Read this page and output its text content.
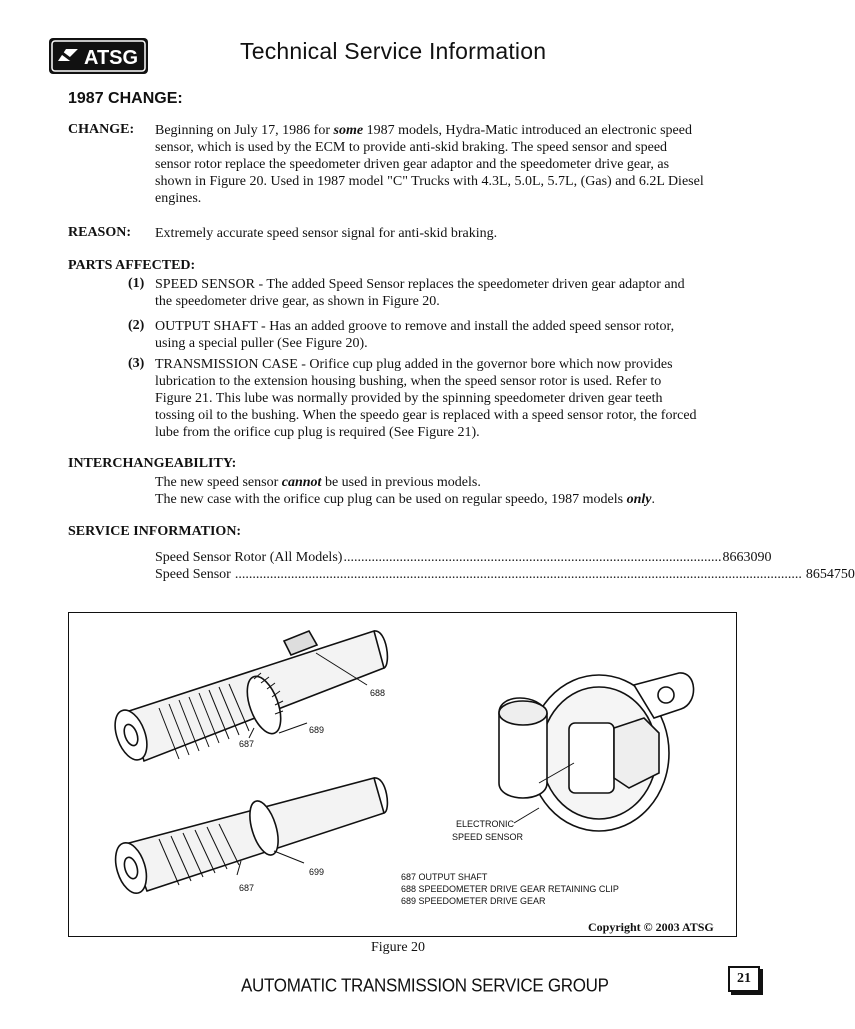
ATSG	Technical Service Information
1987 CHANGE:
CHANGE: Beginning on July 17, 1986 for some 1987 models, Hydra-Matic introduced an electronic speed
sensor, which is used by the ECM to provide anti-skid braking. The speed sensor and speed
sensor rotor replace the speedometer driven gear adaptor and the speedometer drive gear, as
shown in Figure 20. Used in 1987 model "C" Trucks with 4.3L, 5.0L, 5.7L, (Gas) and 6.2L Diesel
engines.
REASON: Extremely accurate speed sensor signal for anti-skid braking.
PARTS AFFECTED:
(1) SPEED SENSOR - The added Speed Sensor replaces the speedometer driven gear adaptor and
the speedometer drive gear, as shown in Figure 20.
(2) OUTPUT SHAFT - Has an added groove to remove and install the added speed sensor rotor,
using a special puller (See Figure 20).
(3) TRANSMISSION CASE - Orifice cup plug added in the governor bore which now provides
lubrication to the extension housing bushing, when the speed sensor rotor is used. Refer to
Figure 21. This lube was normally provided by the spinning speedometer driven gear teeth
tossing oil to the bushing. When the speedo gear is replaced with a speed sensor rotor, the forced
lube from the orifice cup plug is required (See Figure 21).
INTERCHANGEABILITY:
The new speed sensor cannot be used in previous models.
The new case with the orifice cup plug can be used on regular speedo, 1987 models only.
SERVICE INFORMATION:
Speed Sensor Rotor (All Models) ............................................................................................................ 8663090
Speed Sensor .................................................................................................................................................................. 8654750
688
689
687
699
687
ELECTRONIC
SPEED SENSOR
687 OUTPUT SHAFT
688 SPEEDOMETER DRIVE GEAR RETAINING CLIP
689 SPEEDOMETER DRIVE GEAR
Copyright © 2003 ATSG
Figure 20
AUTOMATIC TRANSMISSION SERVICE GROUP	21
